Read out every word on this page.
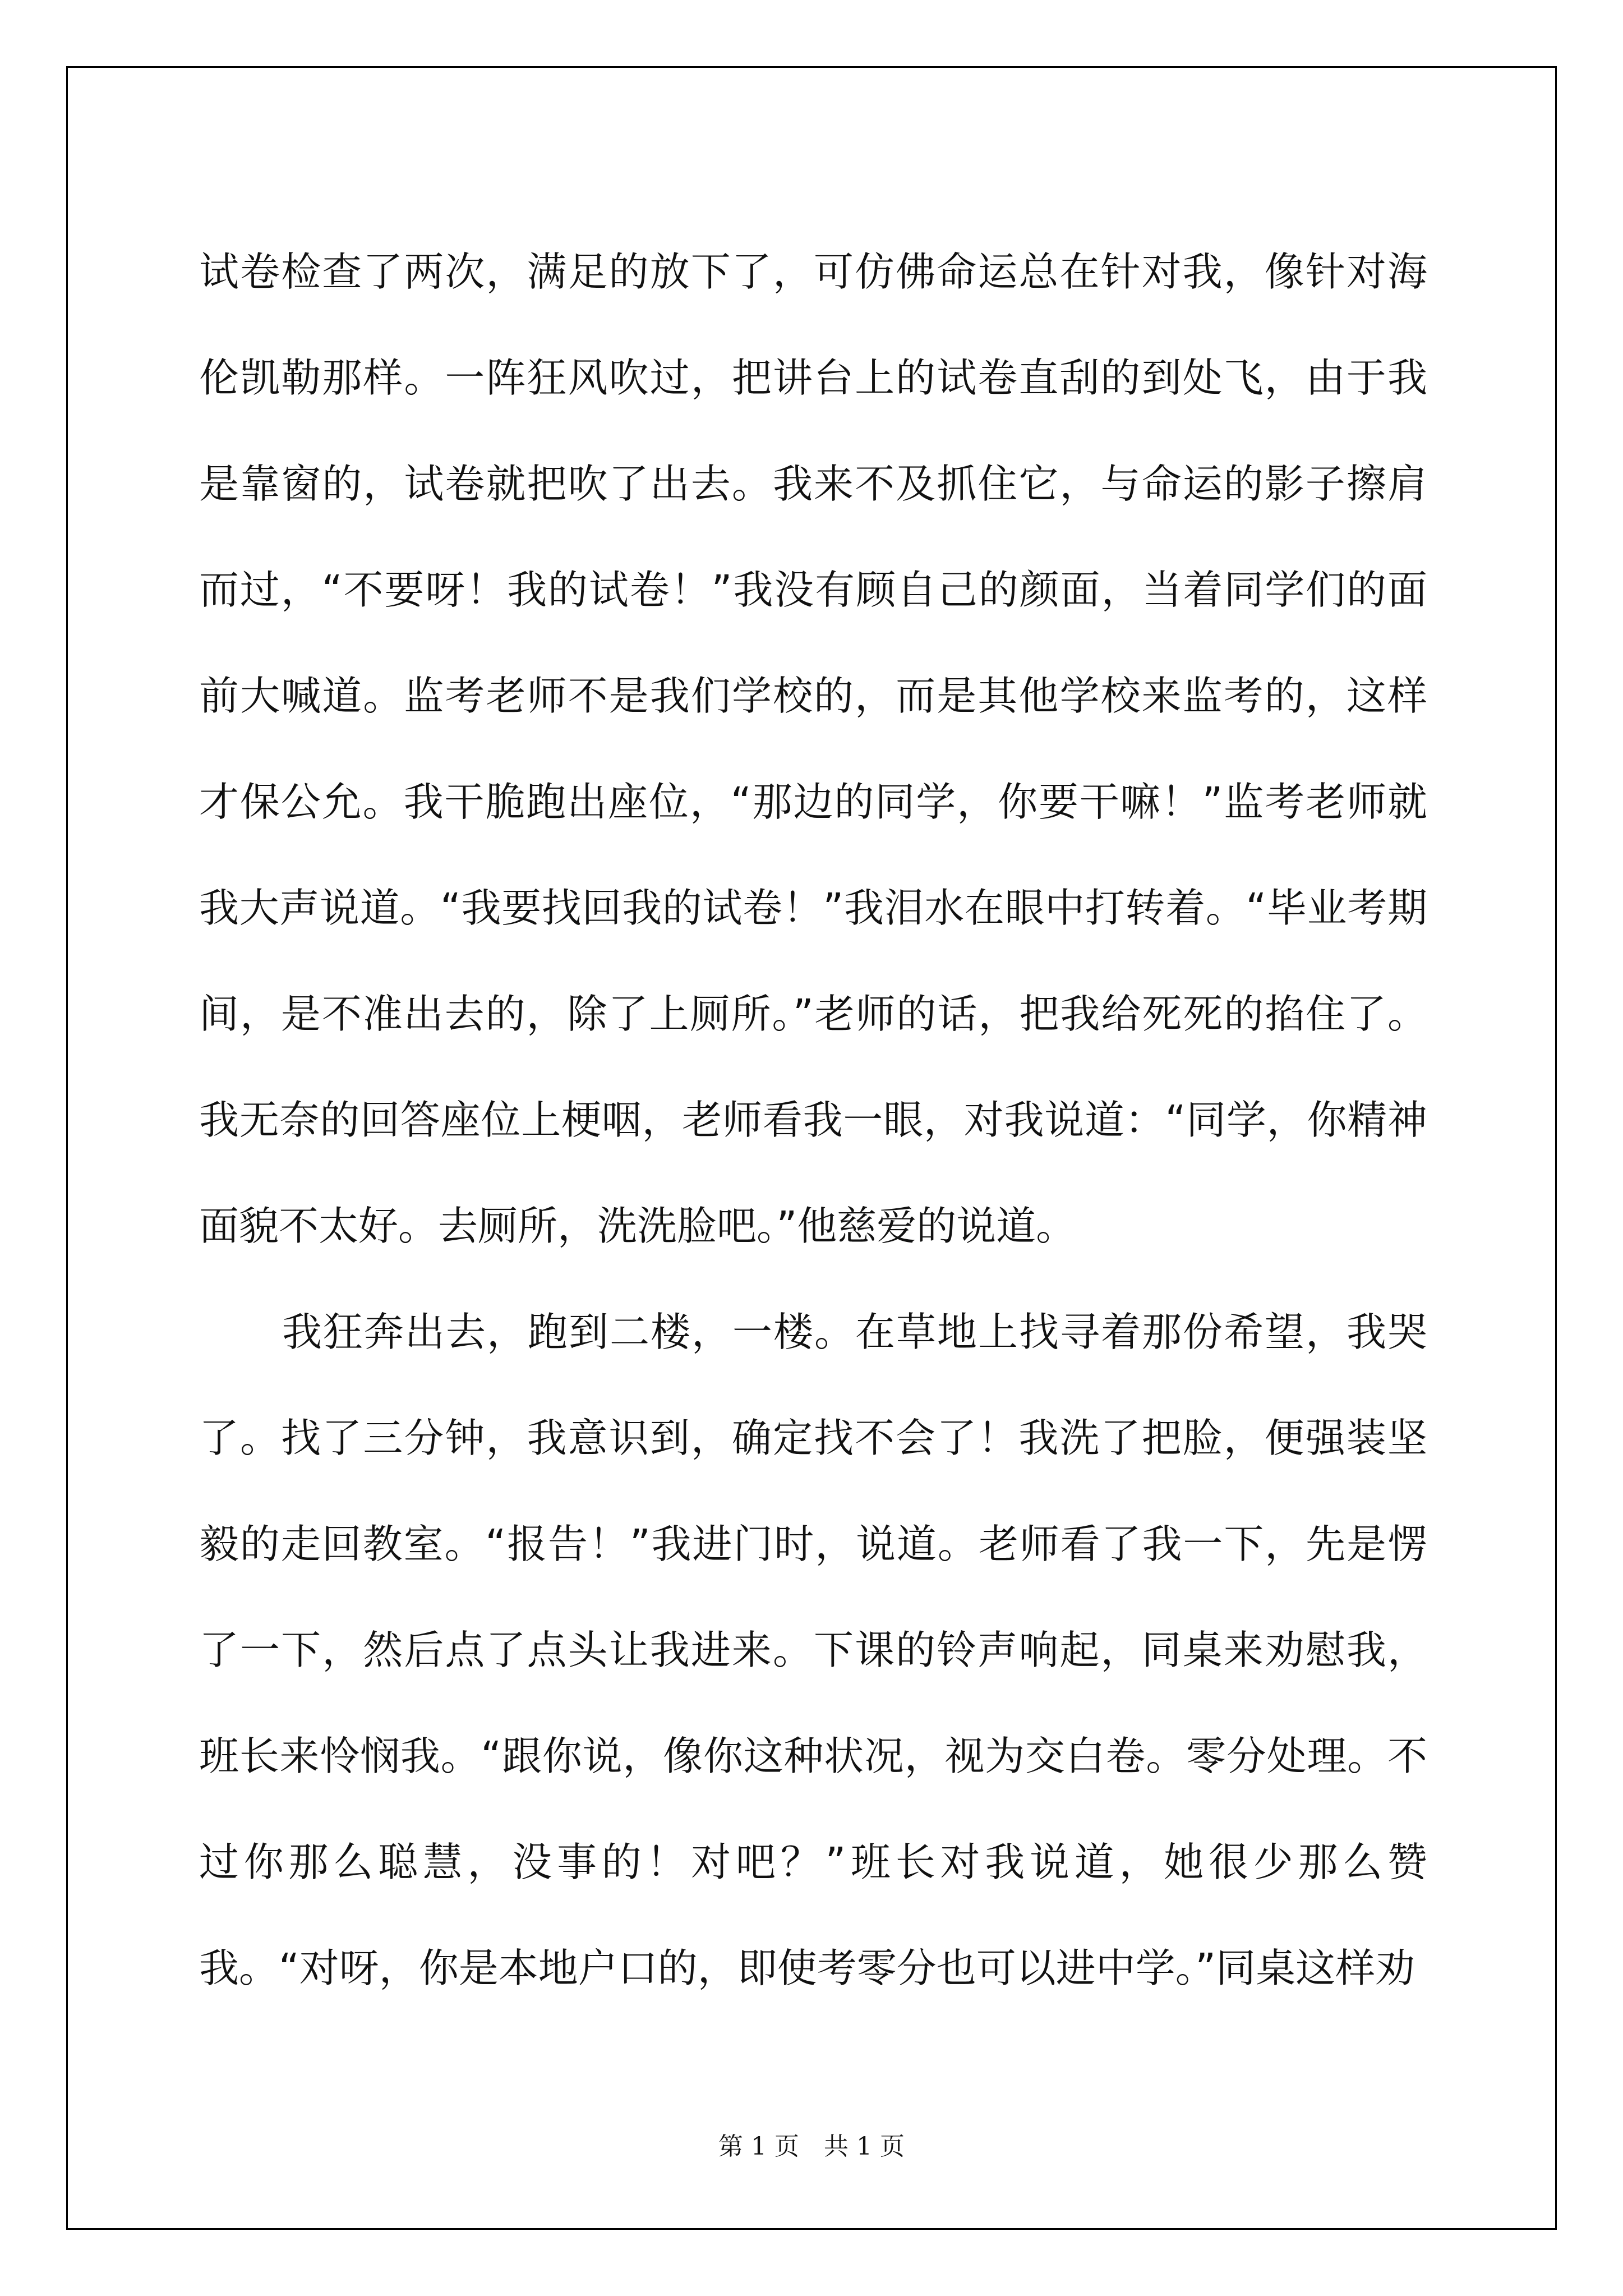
试卷检查了两次，满足的放下了，可仿佛命运总在针对我，像针对海伦凯勒那样。一阵狂风吹过，把讲台上的试卷直刮的到处飞，由于我是靠窗的，试卷就把吹了出去。我来不及抓住它，与命运的影子擦肩而过，“不要呀！我的试卷！”我没有顾自己的颜面，当着同学们的面前大喊道。监考老师不是我们学校的，而是其他学校来监考的，这样才保公允。我干脆跑出座位，“那边的同学，你要干嘛！”监考老师就我大声说道。“我要找回我的试卷！”我泪水在眼中打转着。“毕业考期间，是不准出去的，除了上厕所。”老师的话，把我给死死的掐住了。我无奈的回答座位上梗咽，老师看我一眼，对我说道：“同学，你精神面貌不太好。去厕所，洗洗脸吧。”他慈爱的说道。

我狂奔出去，跑到二楼，一楼。在草地上找寻着那份希望，我哭了。找了三分钟，我意识到，确定找不会了！我洗了把脸，便强装坚毅的走回教室。“报告！”我进门时，说道。老师看了我一下，先是愣了一下，然后点了点头让我进来。下课的铃声响起，同桌来劝慰我，班长来怜悯我。“跟你说，像你这种状况，视为交白卷。零分处理。不过你那么聪慧，没事的！对吧？”班长对我说道，她很少那么赞我。“对呀，你是本地户口的，即使考零分也可以进中学。”同桌这样劝

第 1 页　共 1 页
